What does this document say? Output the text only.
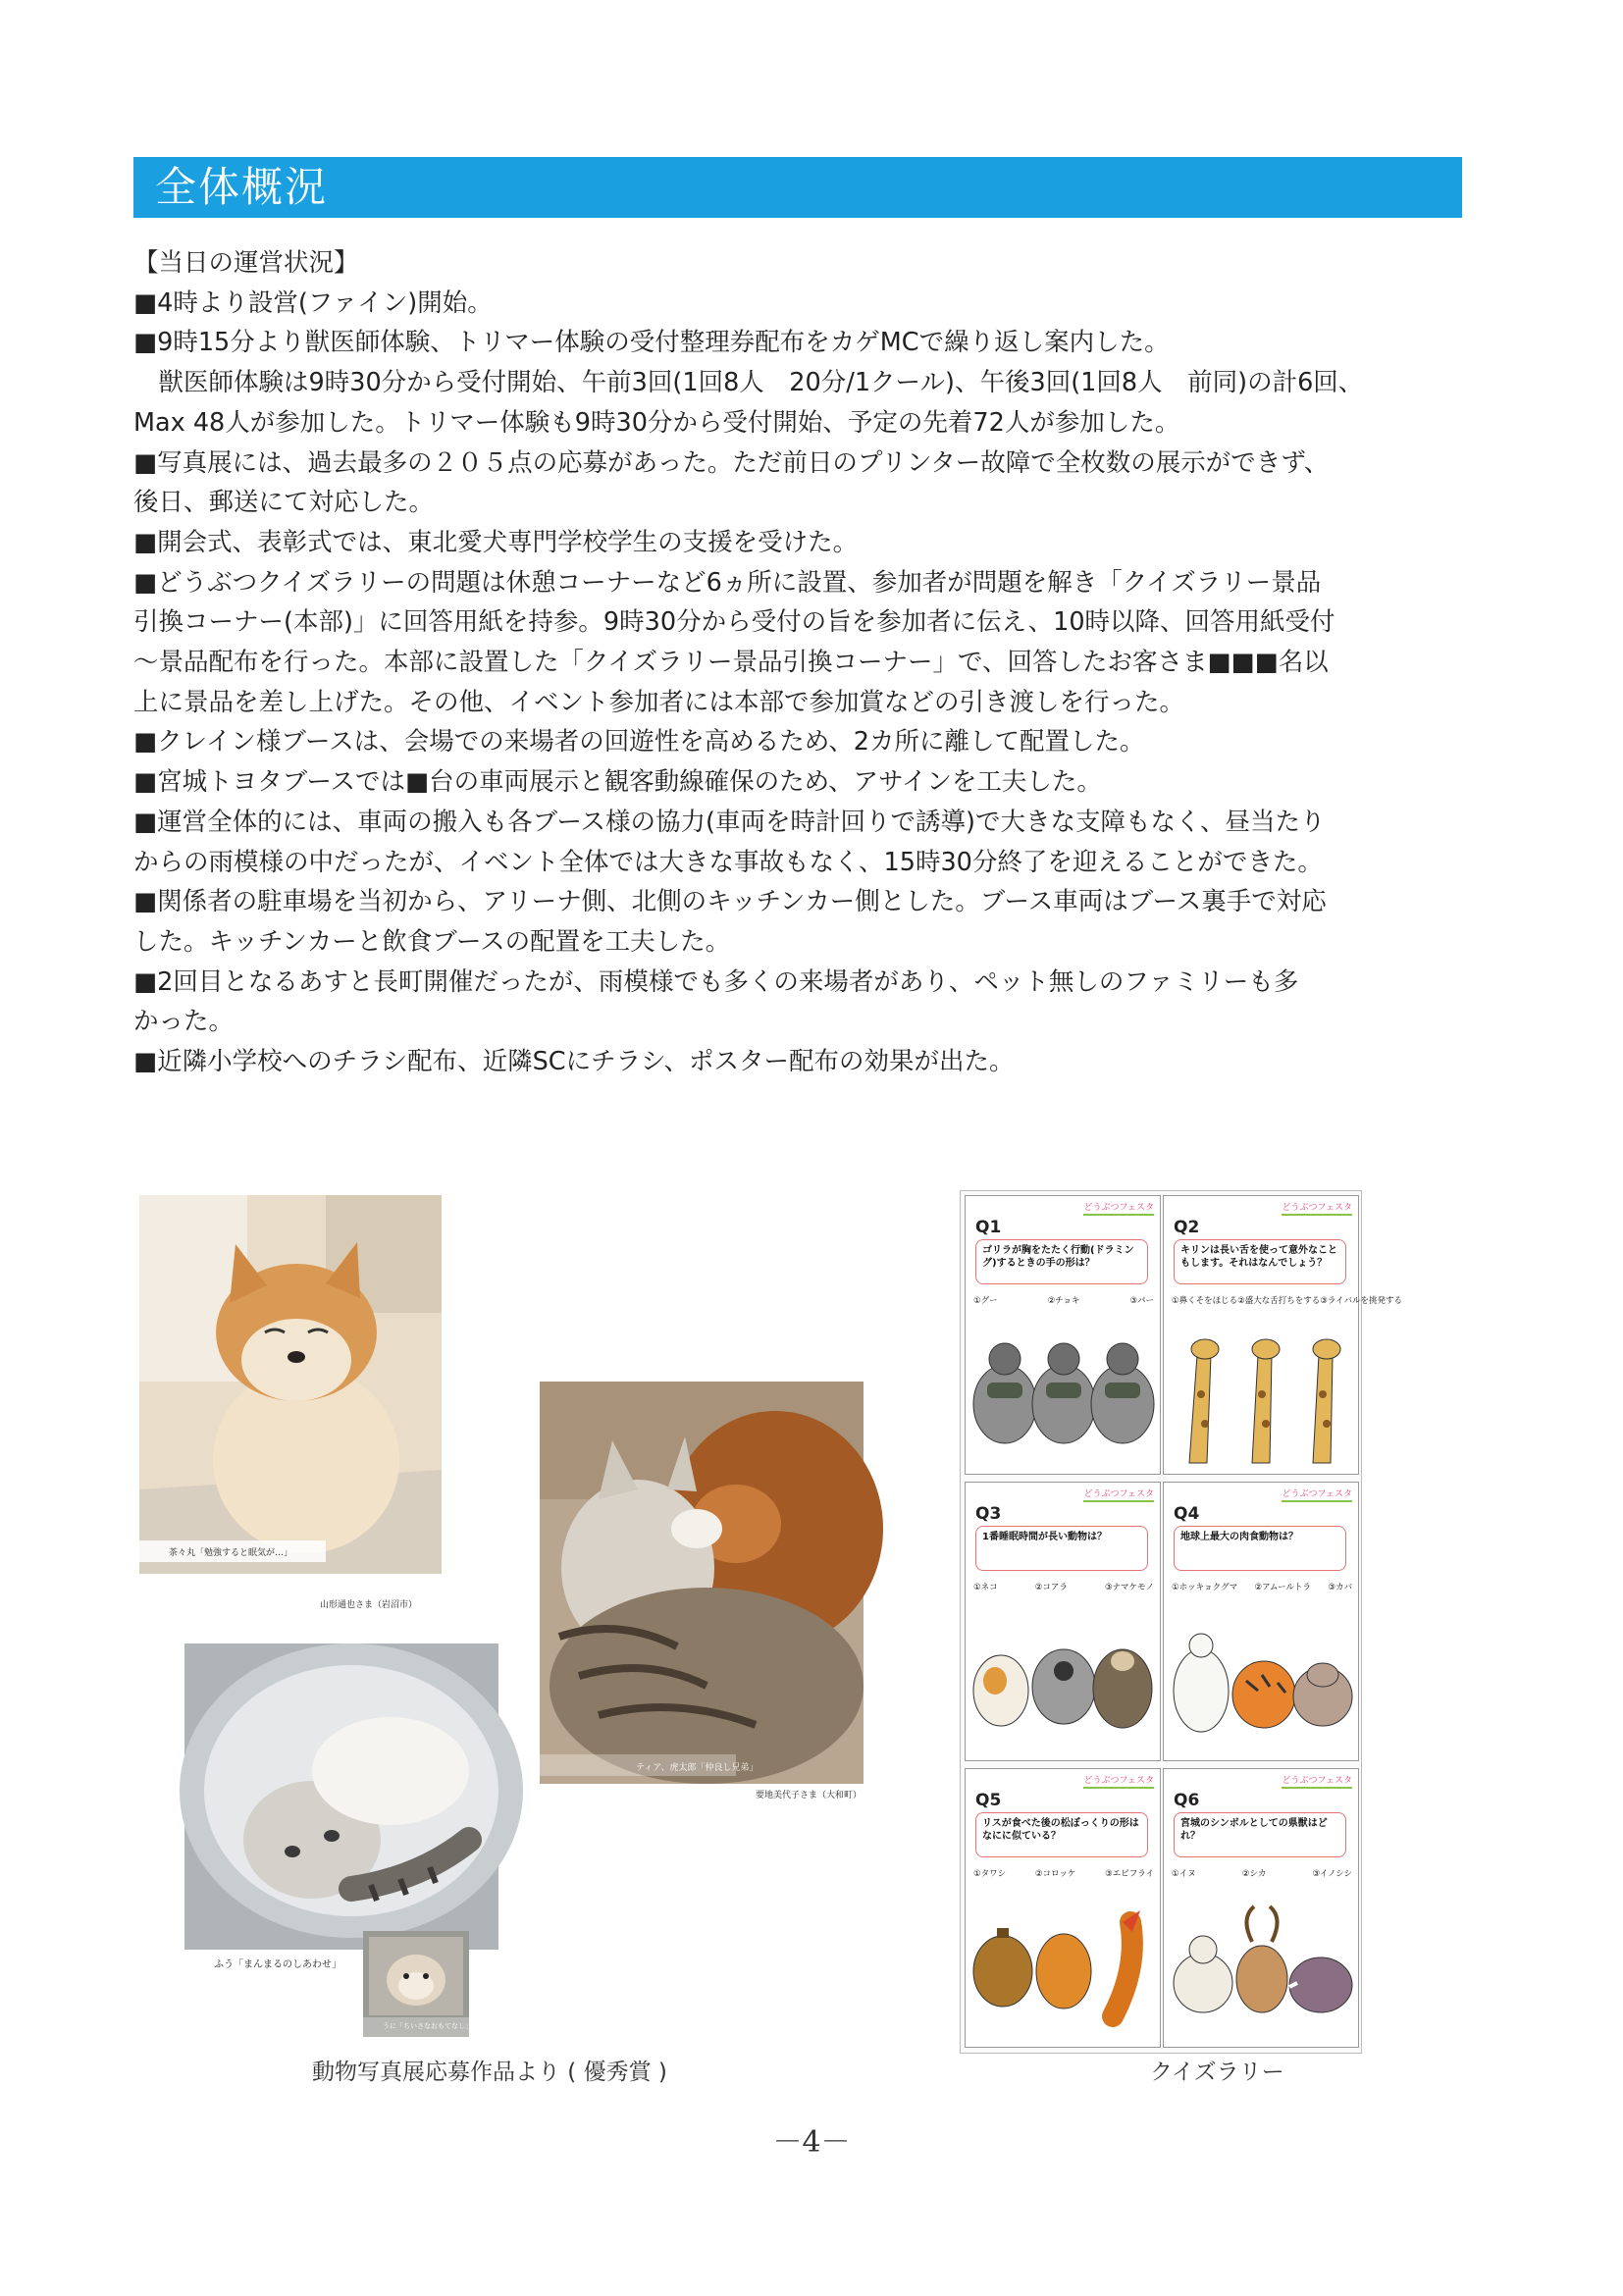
全体概況

【当日の運営状況】

■4時より設営(ファイン)開始。

■9時15分より獣医師体験、トリマー体験の受付整理券配布をカゲMCで繰り返し案内した。

　獣医師体験は9時30分から受付開始、午前3回(1回8人　20分/1クール)、午後3回(1回8人　前同)の計6回、

Max 48人が参加した。トリマー体験も9時30分から受付開始、予定の先着72人が参加した。

■写真展には、過去最多の２０５点の応募があった。ただ前日のプリンター故障で全枚数の展示ができず、

後日、郵送にて対応した。

■開会式、表彰式では、東北愛犬専門学校学生の支援を受けた。

■どうぶつクイズラリーの問題は休憩コーナーなど6ヵ所に設置、参加者が問題を解き「クイズラリー景品

引換コーナー(本部)」に回答用紙を持参。9時30分から受付の旨を参加者に伝え、10時以降、回答用紙受付

～景品配布を行った。本部に設置した「クイズラリー景品引換コーナー」で、回答したお客さま■■■名以

上に景品を差し上げた。その他、イベント参加者には本部で参加賞などの引き渡しを行った。

■クレイン様ブースは、会場での来場者の回遊性を高めるため、2カ所に離して配置した。

■宮城トヨタブースでは■台の車両展示と観客動線確保のため、アサインを工夫した。

■運営全体的には、車両の搬入も各ブース様の協力(車両を時計回りで誘導)で大きな支障もなく、昼当たり

からの雨模様の中だったが、イベント全体では大きな事故もなく、15時30分終了を迎えることができた。

■関係者の駐車場を当初から、アリーナ側、北側のキッチンカー側とした。ブース車両はブース裏手で対応

した。キッチンカーと飲食ブースの配置を工夫した。

■2回目となるあすと長町開催だったが、雨模様でも多くの来場者があり、ペット無しのファミリーも多

かった。

■近隣小学校へのチラシ配布、近隣SCにチラシ、ポスター配布の効果が出た。

茶々丸「勉強すると眠気が…」
山形通也さま（岩沼市）
ティア、虎太郎「仲良し兄弟」
要地美代子さま（大和町）
ふう「まんまるのしあわせ」
うに「ちいさなおもてなし」
動物写真展応募作品より ( 優秀賞 )
どうぶつフェスタ
Q1
ゴリラが胸をたたく行動(ドラミング)するときの手の形は？
①グー	②チョキ	③パー
どうぶつフェスタ
Q2
キリンは長い舌を使って意外なこともします。それはなんでしょう？
①鼻くそをほじる ②盛大な舌打ちをする ③ライバルを挑発する
どうぶつフェスタ
Q3
1番睡眠時間が長い動物は？
①ネコ	②コアラ	③ナマケモノ
どうぶつフェスタ
Q4
地球上最大の肉食動物は？
①ホッキョクグマ ②アムールトラ ③カバ
どうぶつフェスタ
Q5
リスが食べた後の松ぼっくりの形はなにに似ている？
①タワシ	②コロッケ	③エビフライ
どうぶつフェスタ
Q6
宮城のシンボルとしての県獣はどれ？
①イヌ	②シカ	③イノシシ
クイズラリー
－4－
